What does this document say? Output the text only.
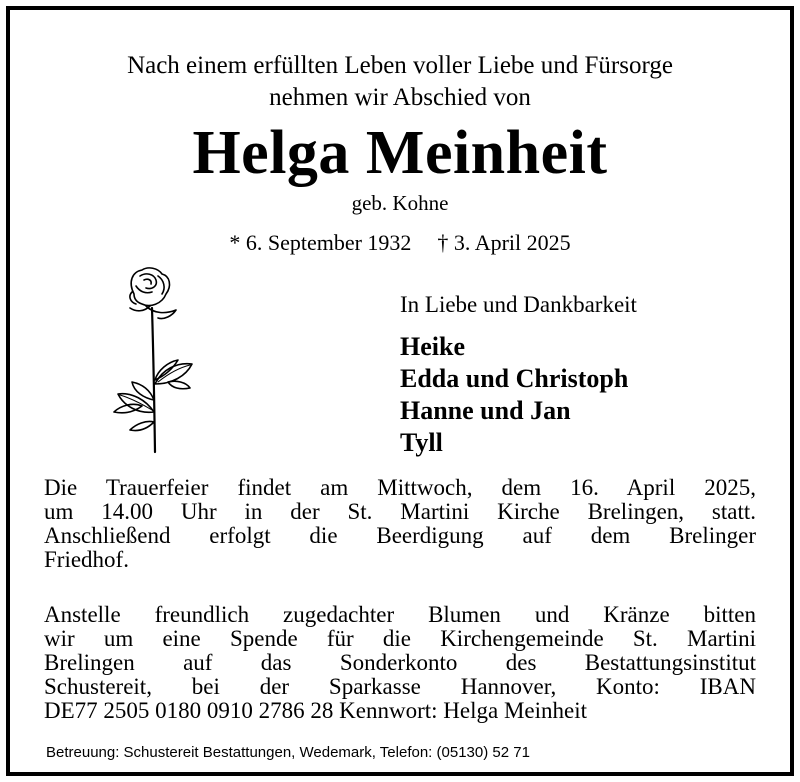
Nach einem erfüllten Leben voller Liebe und Fürsorge
nehmen wir Abschied von
Helga Meinheit
geb. Kohne
* 6. September 1932 † 3. April 2025
In Liebe und Dankbarkeit
Heike
Edda und Christoph
Hanne und Jan
Tyll
Die Trauerfeier findet am Mittwoch, dem 16. April 2025,
um 14.00 Uhr in der St. Martini Kirche Brelingen, statt.
Anschließend erfolgt die Beerdigung auf dem Brelinger
Friedhof.
Anstelle freundlich zugedachter Blumen und Kränze bitten
wir um eine Spende für die Kirchengemeinde St. Martini
Brelingen auf das Sonderkonto des Bestattungsinstitut
Schustereit, bei der Sparkasse Hannover, Konto: IBAN
DE77 2505 0180 0910 2786 28 Kennwort: Helga Meinheit
Betreuung: Schustereit Bestattungen, Wedemark, Telefon: (05130) 52 71
